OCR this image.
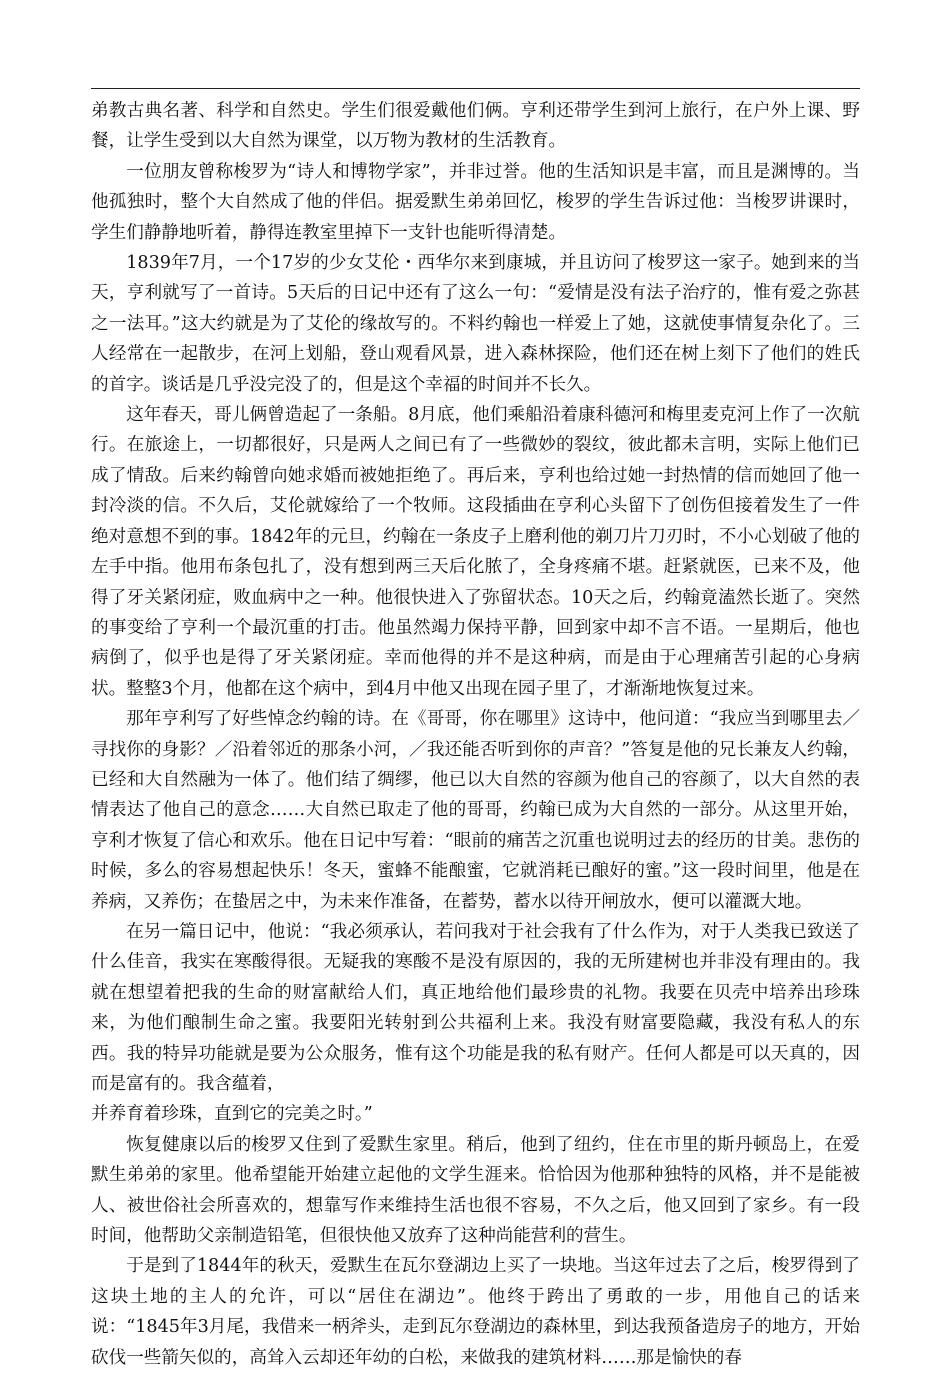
弟教古典名著、科学和自然史。学生们很爱戴他们俩。亨利还带学生到河上旅行，在户外上课、野餐，让学生受到以大自然为课堂，以万物为教材的生活教育。

一位朋友曾称梭罗为“诗人和博物学家”，并非过誉。他的生活知识是丰富，而且是渊博的。当他孤独时，整个大自然成了他的伴侣。据爱默生弟弟回忆，梭罗的学生告诉过他：当梭罗讲课时，学生们静静地听着，静得连教室里掉下一支针也能听得清楚。

1839年7月，一个17岁的少女艾伦・西华尔来到康城，并且访问了梭罗这一家子。她到来的当天，亨利就写了一首诗。5天后的日记中还有了这么一句：“爱情是没有法子治疗的，惟有爱之弥甚之一法耳。”这大约就是为了艾伦的缘故写的。不料约翰也一样爱上了她，这就使事情复杂化了。三人经常在一起散步，在河上划船，登山观看风景，进入森林探险，他们还在树上刻下了他们的姓氏的首字。谈话是几乎没完没了的，但是这个幸福的时间并不长久。

这年春天，哥儿俩曾造起了一条船。8月底，他们乘船沿着康科德河和梅里麦克河上作了一次航行。在旅途上，一切都很好，只是两人之间已有了一些微妙的裂纹，彼此都未言明，实际上他们已成了情敌。后来约翰曾向她求婚而被她拒绝了。再后来，亨利也给过她一封热情的信而她回了他一封冷淡的信。不久后，艾伦就嫁给了一个牧师。这段插曲在亨利心头留下了创伤但接着发生了一件绝对意想不到的事。1842年的元旦，约翰在一条皮子上磨利他的剃刀片刀刃时，不小心划破了他的左手中指。他用布条包扎了，没有想到两三天后化脓了，全身疼痛不堪。赶紧就医，已来不及，他得了牙关紧闭症，败血病中之一种。他很快进入了弥留状态。10天之后，约翰竟溘然长逝了。突然的事变给了亨利一个最沉重的打击。他虽然竭力保持平静，回到家中却不言不语。一星期后，他也病倒了，似乎也是得了牙关紧闭症。幸而他得的并不是这种病，而是由于心理痛苦引起的心身病状。整整3个月，他都在这个病中，到4月中他又出现在园子里了，才渐渐地恢复过来。

那年亨利写了好些悼念约翰的诗。在《哥哥，你在哪里》这诗中，他问道：“我应当到哪里去／寻找你的身影？／沿着邻近的那条小河，／我还能否听到你的声音？”答复是他的兄长兼友人约翰，已经和大自然融为一体了。他们结了绸缪，他已以大自然的容颜为他自己的容颜了，以大自然的表情表达了他自己的意念……大自然已取走了他的哥哥，约翰已成为大自然的一部分。从这里开始，亨利才恢复了信心和欢乐。他在日记中写着：“眼前的痛苦之沉重也说明过去的经历的甘美。悲伤的时候，多么的容易想起快乐！冬天，蜜蜂不能酿蜜，它就消耗已酿好的蜜。”这一段时间里，他是在养病，又养伤；在蛰居之中，为未来作准备，在蓄势，蓄水以待开闸放水，便可以灌溉大地。

在另一篇日记中，他说：“我必须承认，若问我对于社会我有了什么作为，对于人类我已致送了什么佳音，我实在寒酸得很。无疑我的寒酸不是没有原因的，我的无所建树也并非没有理由的。我就在想望着把我的生命的财富献给人们，真正地给他们最珍贵的礼物。我要在贝壳中培养出珍珠来，为他们酿制生命之蜜。我要阳光转射到公共福利上来。我没有财富要隐藏，我没有私人的东西。我的特异功能就是要为公众服务，惟有这个功能是我的私有财产。任何人都是可以天真的，因而是富有的。我含蕴着，

并养育着珍珠，直到它的完美之时。”

恢复健康以后的梭罗又住到了爱默生家里。稍后，他到了纽约，住在市里的斯丹顿岛上，在爱默生弟弟的家里。他希望能开始建立起他的文学生涯来。恰恰因为他那种独特的风格，并不是能被人、被世俗社会所喜欢的，想靠写作来维持生活也很不容易，不久之后，他又回到了家乡。有一段时间，他帮助父亲制造铅笔，但很快他又放弃了这种尚能营利的营生。

于是到了1844年的秋天，爱默生在瓦尔登湖边上买了一块地。当这年过去了之后，梭罗得到了这块土地的主人的允许，可以“居住在湖边”。他终于跨出了勇敢的一步，用他自己的话来说：“1845年3月尾，我借来一柄斧头，走到瓦尔登湖边的森林里，到达我预备造房子的地方，开始砍伐一些箭矢似的，高耸入云却还年幼的白松，来做我的建筑材料……那是愉快的春
